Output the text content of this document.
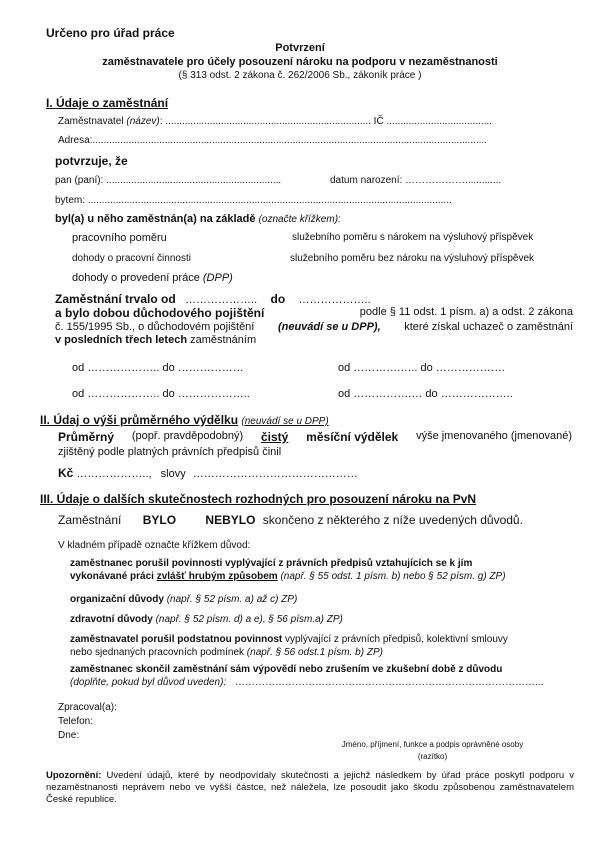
Určeno pro úřad práce
Potvrzení
zaměstnavatele pro účely posouzení nároku na podporu v nezaměstnanosti
(§ 313 odst. 2 zákona č. 262/2006 Sb., zákoník práce )
I. Údaje o zaměstnání
Zaměstnavatel (název): .......................................................................... IČ ......................................
Adresa:..............................................................................................................................................
potvrzuje, že
pan (paní): ...............................................................	datum narození: ……………….............
bytem: ...................................................................................................................................
byl(a) u něho zaměstnán(a) na základě (označte křížkem):
pracovního poměru	služebního poměru s nárokem na výsluhový příspěvek
dohody o pracovní činnosti	služebního poměru bez nároku na výsluhový příspěvek
dohody o provedení práce (DPP)
Zaměstnání trvalo od ……………….. do ………………..
a bylo dobou důchodového pojištění	podle § 11 odst. 1 písm. a) a odst. 2 zákona
č. 155/1995 Sb., o důchodovém pojištění (neuvádí se u DPP), které získal uchazeč o zaměstnání
v posledních třech letech zaměstnáním
od ……………….. do ………………	od ………….….. do ……………….
od ……………….. do ………………..	od …………….… do ………………..
II. Údaj o výši průměrného výdělku (neuvádí se u DPP)
Průměrný (popř. pravděpodobný) čistý měsíční výdělek výše jmenovaného (jmenované)
zjištěný podle platných právních předpisů činil
Kč ……………….., slovy ………………………………………
III. Údaje o dalších skutečnostech rozhodných pro posouzení nároku na PvN
Zaměstnání BYLO NEBYLO skončeno z některého z níže uvedených důvodů.
V kladném případě označte křížkem důvod:
zaměstnanec porušil povinnosti vyplývající z právních předpisů vztahujících se k jím
vykonávané práci zvlášť hrubým způsobem (např. § 55 odst. 1 písm. b) nebo § 52 písm. g) ZP)
organizační důvody (např. § 52 písm. a) až c) ZP)
zdravotní důvody (např. § 52 písm. d) a e), § 56 písm.a) ZP)
zaměstnavatel porušil podstatnou povinnost vyplývající z právních předpisů, kolektivní smlouvy
nebo sjednaných pracovních podmínek (např. § 56 odst.1 písm. b) ZP)
zaměstnanec skončil zaměstnání sám výpovědí nebo zrušením ve zkušební době z důvodu
(doplňte, pokud byl důvod uveden): ………………………………………………………………………………...
Zpracoval(a):
Telefon:
Dne:
Jméno, příjmení, funkce a podpis oprávněné osoby
(razítko)
Upozornění: Uvedení údajů, které by neodpovídaly skutečnosti a jejichž následkem by úřad práce poskytl podporu v nezaměstnanosti neprávem nebo ve vyšší částce, než náležela, lze posoudit jako škodu způsobenou zaměstnavatelem České republice.
